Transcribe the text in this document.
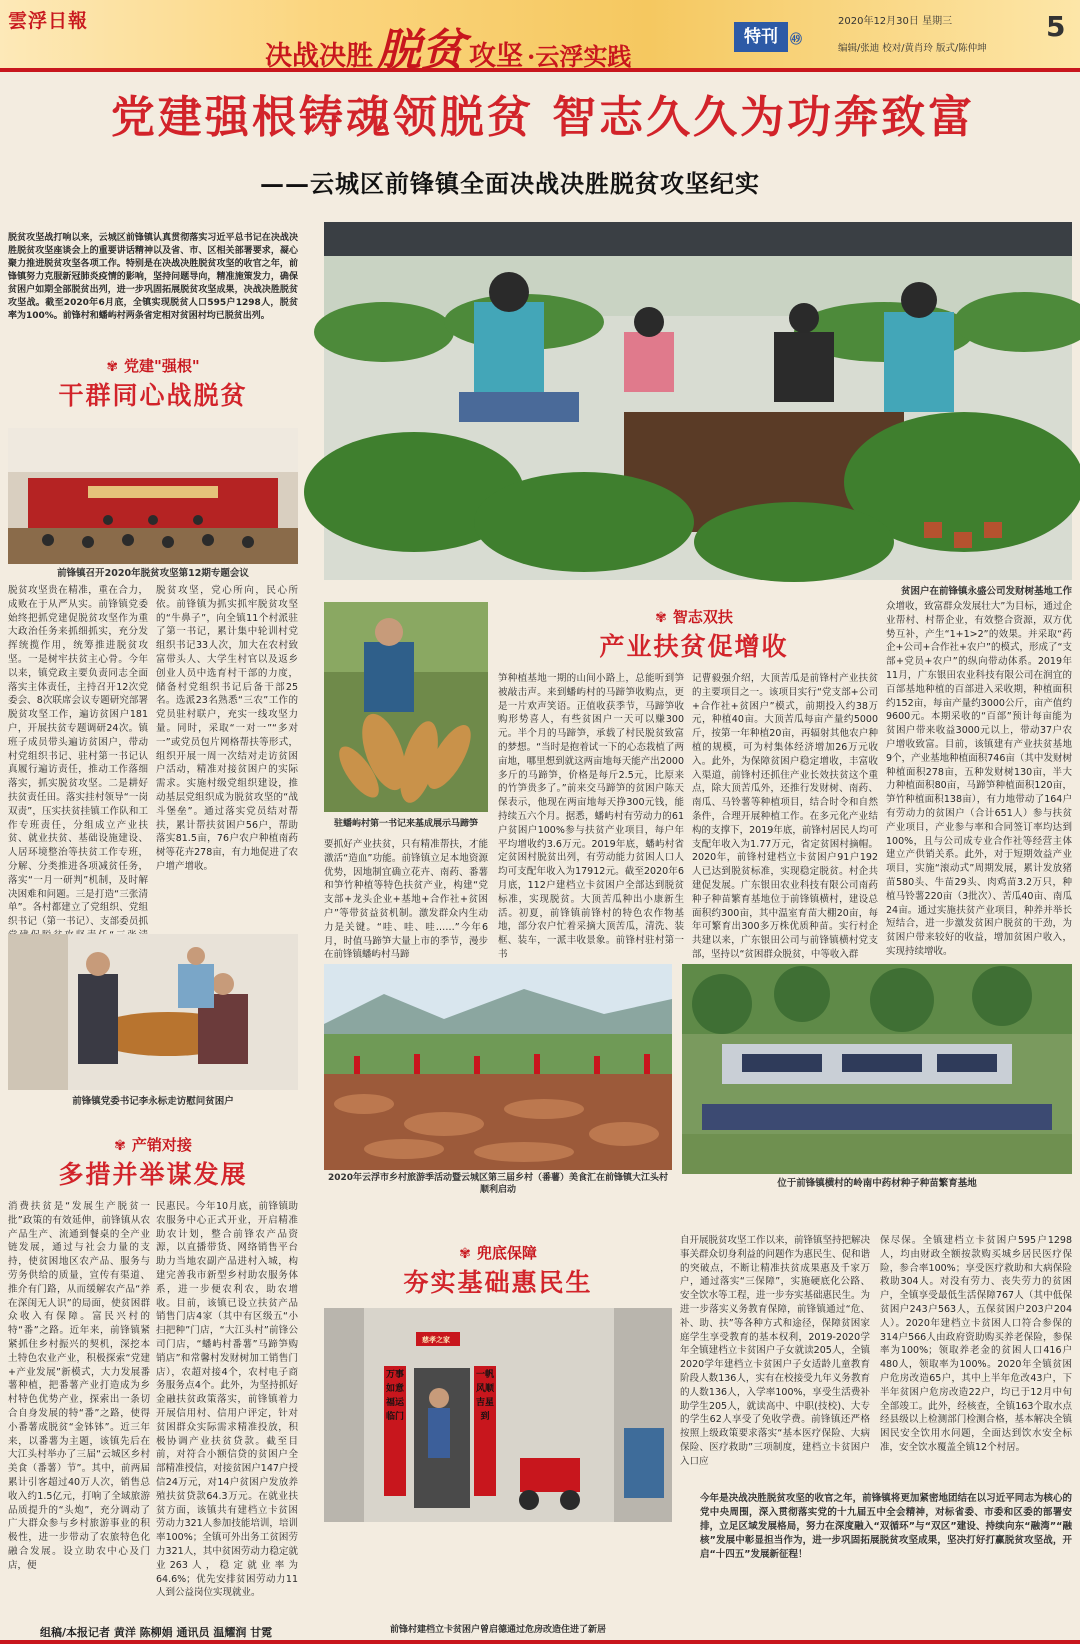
雲浮日報
决战决胜 脱贫 攻坚 ·云浮实践
特刊	㊾
2020年12月30日 星期三
编辑/张迪 校对/黄肖玲 版式/陈仲坤
5
党建强根铸魂领脱贫 智志久久为功奔致富
——云城区前锋镇全面决战决胜脱贫攻坚纪实
脱贫攻坚战打响以来，云城区前锋镇认真贯彻落实习近平总书记在决战决胜脱贫攻坚座谈会上的重要讲话精神以及省、市、区相关部署要求，凝心聚力推进脱贫攻坚各项工作。特别是在决战决胜脱贫攻坚的收官之年，前锋镇努力克服新冠肺炎疫情的影响，坚持问题导向，精准施策发力，确保贫困户如期全部脱贫出列，进一步巩固拓展脱贫攻坚成果，决战决胜脱贫攻坚战。截至2020年6月底，全镇实现脱贫人口595户1298人，脱贫率为100%。前锋村和蟠屿村两条省定相对贫困村均已脱贫出列。
✾ 党建"强根"
干群同心战脱贫
前锋镇召开2020年脱贫攻坚第12期专题会议
脱贫攻坚贵在精准，重在合力，成败在于从严从实。前锋镇党委始终把抓党建促脱贫攻坚作为重大政治任务来抓细抓实，充分发挥统揽作用，统筹推进脱贫攻坚。一是树牢扶贫主心骨。今年以来，镇党政主要负责同志全面落实主体责任，主持召开12次党委会、8次联席会议专题研究部署脱贫攻坚工作，遍访贫困户181户，开展扶贫专题调研24次。镇班子成员带头遍访贫困户，带动村党组织书记、驻村第一书记认真履行遍访责任，推动工作落细落实，抓实脱贫攻坚。二是耕好扶贫责任田。落实挂村领导“一岗双责”，压实扶贫挂镇工作队和工作专班责任，分组成立产业扶贫、就业扶贫、基础设施建设、人居环境整治等扶贫工作专班，分解、分类推进各项减贫任务，落实“一月一研判”机制，及时解决困难和问题。三是打造“三张清单”。各村都建立了党组织、党组织书记（第一书记）、支部委员抓
脱贫攻坚，党心所向，民心所依。前锋镇为抓实抓牢脱贫攻坚的“牛鼻子”，向全镇11个村派驻了第一书记，累计集中轮训村党组织书记33人次，加大在农村致富带头人、大学生村官以及返乡创业人员中选育村干部的力度，储备村党组织书记后备干部25名。选派23名熟悉“三农”工作的党员驻村联户，充实一线攻坚力量。同时，采取“一对一”“多对一”或党员包片网格帮扶等形式，组织开展一周一次结对走访贫困户活动，精准对接贫困户的实际需求。实施村级党组织建设，推动基层党组织成为脱贫攻坚的“战斗堡垒”。通过落实党员结对帮扶，累计帮扶贫困户56户，帮助落实81.5亩，76户农户种植南药树等花卉278亩，有力地促进了农户增产增收。
前锋镇党委书记李永标走访慰问贫困户
✾ 产销对接
多措并举谋发展
消费扶贫是“发展生产脱贫一批”政策的有效延伸，前锋镇从农产品生产、流通到餐桌的全产业链发展，通过与社会力量的支持，使贫困地区农产品、服务与劳务供给的质量，宣传有渠道、推介有门路，从而缓解农产品“养在深闺无人识”的局面，使贫困群众收入有保障。富民兴村的特“番”之路。近年来，前锋镇紧紧抓住乡村振兴的契机，深挖本土特色农业产业，积极探索“党建+产业发展”新模式，大力发展番薯种植，把番薯产业打造成为乡村特色优势产业，探索出一条切合自身发展的特“番”之路，使得小番薯成脱贫“金钵钵”。近三年来，以番薯为主题，该镇先后在大江头村举办了三届“云城区乡村美食（番薯）节”。其中，前两届累计引客超过40万人次，销售总收入约1.5亿元，打响了全域旅游品质提升的“头炮”，充分调动了广大群众参与乡村旅游事业的积极性，进一步带动了农旅特色化融合发展。设立助农中心及门店，便
民惠民。今年10月底，前锋镇助农服务中心正式开业，开启精准助农计划，整合前锋农产品资源，以直播带货、网络销售平台助力当地农副产品进村入城，构建完善我市新型乡村助农服务体系，进一步便农利农，助农增收。目前，该镇已设立扶贫产品销售门店4家（其中有区级五“小扫把种”门店，“大江头村”前锋公司门店，“蟠屿村番薯”马蹄笋购销店”和常馨村发财树加工销售门店），农超对接4个，农村电子商务服务点4个。此外，为坚持抓好金融扶贫政策落实，前锋镇着力开展信用村、信用户评定，针对贫困群众实际需求精准投放，积极协调产业扶贫贷款。截至目前，对符合小额信贷的贫困户全部精准授信，对接贫困户147户授信24万元，对14户贫困户发放养殖扶贫贷款64.3万元。在就业扶贫方面，该镇共有建档立卡贫困劳动力321人参加技能培训，培训率100%；全镇可外出务工贫困劳力321人，其中贫困劳动力稳定就业263人，稳定就业率为64.6%；优先安排贫困劳动力11人到公益岗位实现就业。
贫困户在前锋镇永盛公司发财树基地工作
驻蟠屿村第一书记来基成展示马蹄笋
✾ 智志双扶
产业扶贫促增收
要抓好产业扶贫，只有精准帮扶，才能激活“造血”功能。前锋镇立足本地资源优势，因地制宜确立花卉、南药、番薯和笋竹种植等特色扶贫产业，构建“党支部+龙头企业+基地+合作社+贫困户”等带贫益贫机制。激发群众内生动力是关键。“哇、哇、哇……”今年6月，时值马蹄笋大量上市的季节，漫步在前锋镇蟠屿村马蹄
笋种植基地一期的山间小路上，总能听到笋被敲击声。来到蟠屿村的马蹄笋收购点，更是一片欢声笑语。正值收获季节，马蹄笋收购形势喜人，有些贫困户一天可以赚300元。半个月的马蹄笋，承载了村民脱贫致富的梦想。“当时是抱着试一下的心态栽植了两亩地，哪里想到就这两亩地每天能产出2000多斤的马蹄笋，价格是每斤2.5元，比原来的竹笋贵多了。”前来交马蹄笋的贫困户陈天保表示，他现在两亩地每天挣300元钱，能持续五六个月。据悉，蟠屿村有劳动力的61户贫困户100%参与扶贫产业项目，每户年平均增收约3.6万元。2019年底，蟠屿村省定贫困村脱贫出列，有劳动能力贫困人口人均可支配年收入为17912元。截至2020年6月底，112户建档立卡贫困户全部达到脱贫标准，实现脱贫。大顶苦瓜种出小康新生活。初夏，前锋镇前锋村的特色农作物基地，部分农户忙着采摘大顶苦瓜，清洗、装框、装车，一派丰收景象。前锋村驻村第一书
记曹毅强介绍，大顶苦瓜是前锋村产业扶贫的主要项目之一。该项目实行“党支部+公司+合作社+贫困户”模式，前期投入约38万元，种植40亩。大顶苦瓜每亩产量约5000斤，按第一年种植20亩，再辐射其他农户种植的规模，可为村集体经济增加26万元收入。此外，为保障贫困户稳定增收，丰富收入渠道，前锋村还抓住产业长效扶贫这个重点，除大顶苦瓜外，还推行发财树、南药、南瓜、马铃薯等种植项目，结合时令和自然条件，合理开展种植工作。在多元化产业结构的支撑下，2019年底，前锋村居民人均可支配年收入为1.77万元，省定贫困村摘帽。2020年，前锋村建档立卡贫困户91户192人已达到脱贫标准，实现稳定脱贫。村企共建促发展。广东银田农业科技有限公司南药种子种苗繁育基地位于前锋镇横村，建设总面积约300亩，其中温室育苗大棚20亩，每年可繁育出300多万株优质种苗。实行村企共建以来，广东银田公司与前锋镇横村党支部，坚持以“贫困群众脱贫，中等收入群
众增收，致富群众发展壮大”为目标，通过企业帮村、村帮企业，有效整合资源，双方优势互补，产生“1+1>2”的效果。并采取“药企+公司+合作社+农户”的模式，形成了“支部+党员+农户”的纵向带动体系。2019年11月，广东银田农业科技有限公司在润宜的百部基地种植的百部进入采收期，种植面积约152亩，每亩产量约3000公斤，亩产值约9600元。本期采收的“百部”预计每亩能为贫困户带来收益3000元以上，带动37户农户增收致富。目前，该镇建有产业扶贫基地9个，产业基地种植面积746亩（其中发财树种植面积278亩，五种发财树130亩，半大力种植面积80亩，马蹄笋种植面积120亩，笋竹种植面积138亩），有力地带动了164户有劳动力的贫困户（合计651人）参与扶贫产业项目，产业参与率和合同签订率均达到100%，且与公司成专业合作社等经营主体建立产供销关系。此外，对于短期效益产业项目，实施“滚动式”周期发展，累计发放猪苗580头、牛苗29头、肉鸡苗3.2万只，种植马铃薯220亩（3批次）、苦瓜40亩、南瓜24亩。通过实施扶贫产业项目，种养并举长短结合，进一步激发贫困户脱贫的干劲，为贫困户带来较好的收益，增加贫困户收入，实现持续增收。
2020年云浮市乡村旅游季活动暨云城区第三届乡村（番薯）美食汇在前锋镇大江头村顺利启动
位于前锋镇横村的岭南中药材种子种苗繁育基地
✾ 兜底保障
夯实基础惠民生
慈孝之家
万事如意福运临门
一帆风顺吉星到
前锋村建档立卡贫困户曾启德通过危房改造住进了新居
自开展脱贫攻坚工作以来，前锋镇坚持把解决事关群众切身利益的问题作为惠民生、促和谐的突破点，不断让精准扶贫成果惠及千家万户，通过落实“三保障”，实施硬底化公路、安全饮水等工程，进一步夯实基础惠民生。为进一步落实义务教育保障，前锋镇通过“危、补、助、扶”等各种方式和途径，保障贫困家庭学生享受教育的基本权利，2019-2020学年全镇建档立卡贫困户子女就读205人，全镇2020学年建档立卡贫困户子女适龄儿童教育阶段人数136人，实有在校接受九年义务教育的人数136人，入学率100%，享受生活费补助学生205人，就读高中、中职(技校)、大专的学生62人享受了免收学费。前锋镇还严格按照上级政策要求落实“基本医疗保险、大病保险、医疗救助”三项制度，建档立卡贫困户入口应
保尽保。全镇建档立卡贫困户595户1298人，均由财政全额按款购买城乡居民医疗保险，参合率100%；享受医疗救助和大病保险救助304人。对没有劳力、丧失劳力的贫困户，全镇享受最低生活保障767人（其中低保贫困户243户563人，五保贫困户203户204人）。2020年建档立卡贫困人口符合参保的314户566人由政府资助购买养老保险，参保率为100%；领取养老金的贫困人口416户480人，领取率为100%。2020年全镇贫困户危房改造65户，其中上半年危改43户，下半年贫困户危房改造22户，均已于12月中旬全部竣工。此外，经核查，全镇163个取水点经县级以上检测部门检测合格，基本解决全镇困民安全饮用水问题，全面达到饮水安全标准，安全饮水覆盖全镇12个村居。
今年是决战决胜脱贫攻坚的收官之年，前锋镇将更加紧密地团结在以习近平同志为核心的党中央周围，深入贯彻落实党的十九届五中全会精神，对标省委、市委和区委的部署安排，立足区域发展格局，努力在深度融入“双循环”与“双区”建设、持续向东“融湾”“融核”发展中彰显担当作为，进一步巩固拓展脱贫攻坚成果，坚决打好打赢脱贫攻坚战，开启“十四五”发展新征程！
组稿/本报记者 黄洋 陈柳娟 通讯员 温耀润 甘霓
